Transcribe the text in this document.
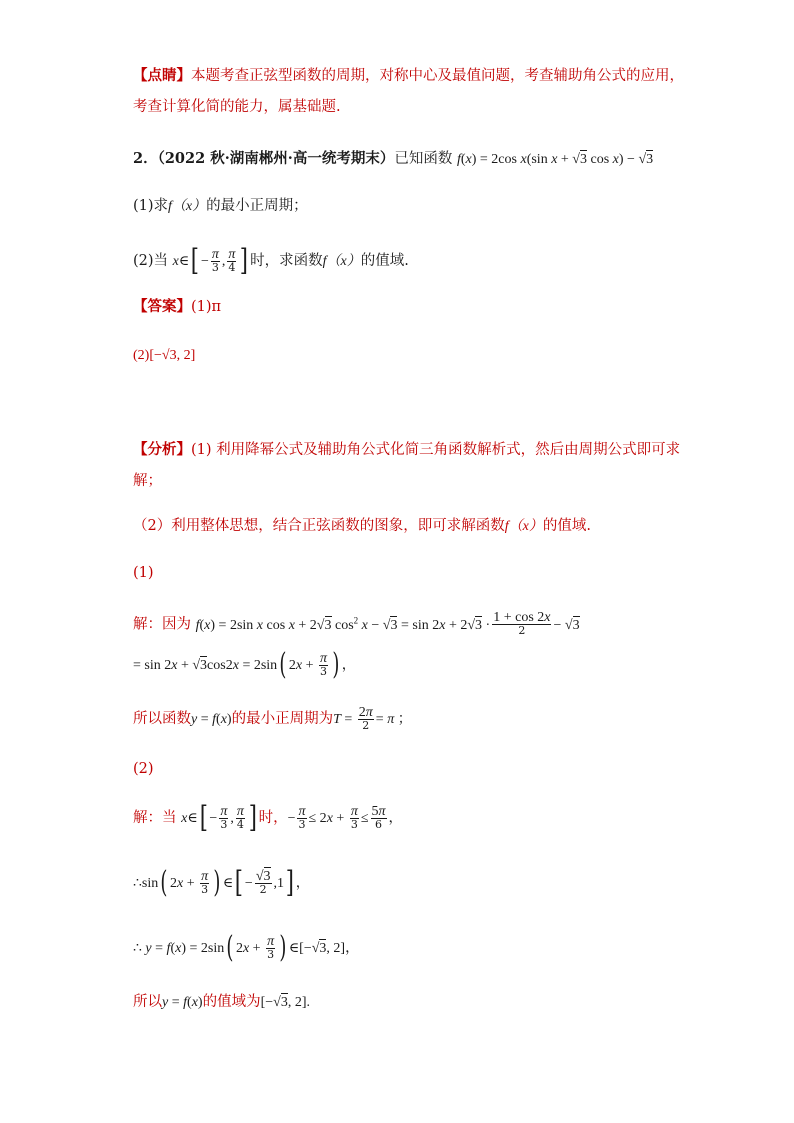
【点睛】本题考查正弦型函数的周期，对称中心及最值问题，考查辅助角公式的应用，
考查计算化简的能力，属基础题.
2．（2022 秋·湖南郴州·高一统考期末）已知函数 f(x) = 2cos x(sin x + √3 cos x) − √3
(1)求f（x）的最小正周期；
(2)当 x∈[ − $\frac{\pi}{3}$ , $\frac{\pi}{4}$ ] 时，求函数f（x）的值域.
【答案】(1)π
(2)[−√3, 2]
【分析】(1) 利用降幂公式及辅助角公式化简三角函数解析式，然后由周期公式即可求
解；
（2）利用整体思想，结合正弦函数的图象，即可求解函数f（x）的值域.
(1)
解：因为 f(x) = 2sin x cos x + 2√3 $\cos^2 x - √3 = \sin 2x + 2√3 \cdot \frac{1 + \cos 2x}{2} - √3$
= sin 2x + √3cos2x = 2sin( $2x + \frac{\pi}{3}$ ) ，
所以函数y = f(x)的最小正周期为$T = \frac{2\pi}{2} = \pi$ ；
(2)
解：当 x∈[ − $\frac{\pi}{3}$ , $\frac{\pi}{4}$ ] 时，− $\frac{\pi}{3} \le 2x + \frac{\pi}{3} \le \frac{5\pi}{6}$ ，
∴sin( $2x + \frac{\pi}{3}$ ) ∈[ − $\frac{√3}{2} ,1$] ，
∴ y = f(x) = 2sin( $2x + \frac{\pi}{3}$ ) ∈[−√3, 2]，
所以y = f(x)的值域为[−√3, 2].
